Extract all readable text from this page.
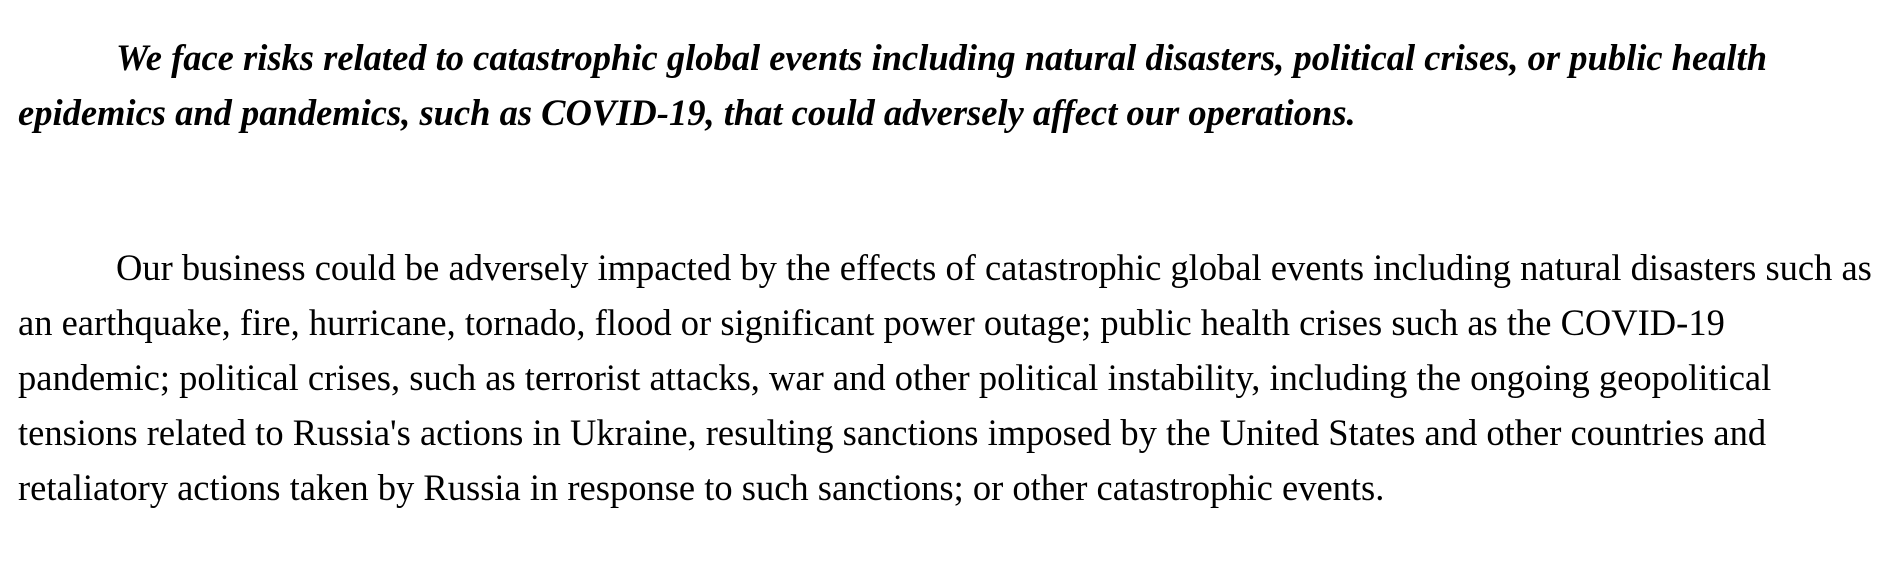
We face risks related to catastrophic global events including natural disasters, political crises, or public health epidemics and pandemics, such as COVID-19, that could adversely affect our operations.

Our business could be adversely impacted by the effects of catastrophic global events including natural disasters such as an earthquake, fire, hurricane, tornado, flood or significant power outage; public health crises such as the COVID-19 pandemic; political crises, such as terrorist attacks, war and other political instability, including the ongoing geopolitical tensions related to Russia's actions in Ukraine, resulting sanctions imposed by the United States and other countries and retaliatory actions taken by Russia in response to such sanctions; or other catastrophic events.
